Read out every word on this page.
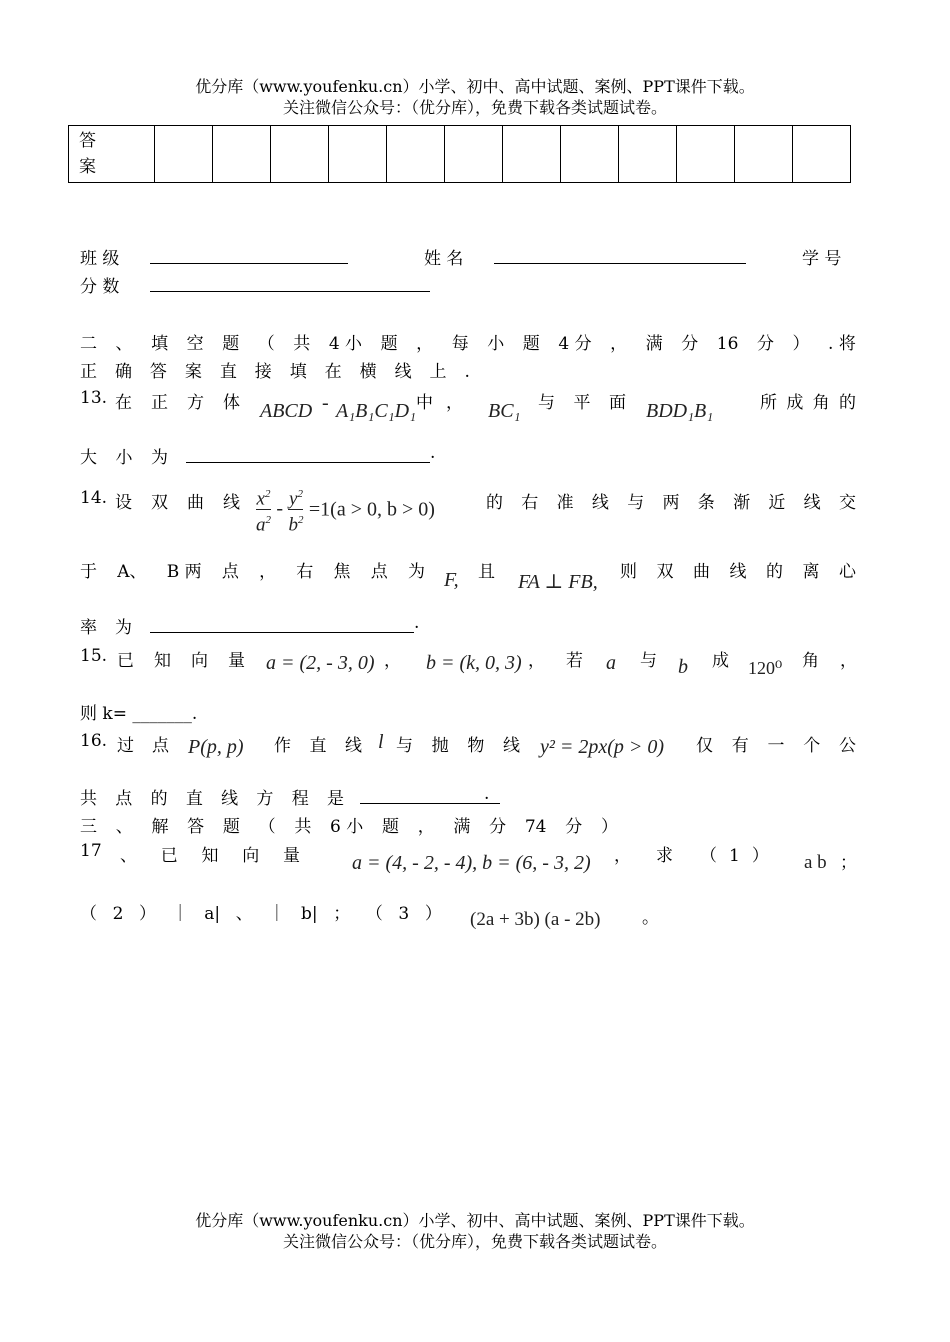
优分库（www.youfenku.cn）小学、初中、高中试题、案例、PPT课件下载。
关注微信公众号：（优分库），免费下载各类试题试卷。
答
案

班 级	姓 名	学 号
分 数
二 、 填 空 题 （ 共 4 小 题 ， 每 小 题 4 分 ， 满 分 16 分 ） . 将
正 确 答 案 直 接 填 在 横 线 上 .
13. 在 正 方 体 ABCD - A₁B₁C₁D₁ 中 ， BC₁ 与 平 面 BDD₁B₁	所 成 角 的
大 小 为	.
14. 设 双 曲 线 $\frac{x^2}{a^2} - \frac{y^2}{b^2} =1(a > 0$, b > 0)	的 右 准 线 与 两 条 渐 近 线 交
于 A、 B 两 点 ， 右 焦 点 为 F, 且 FA ⊥ FB, 则 双 曲 线 的 离 心
率 为	.
15. 已 知 向 量 a = (2, - 3, 0) ， b = (k, 0, 3) ， 若 a 与 b 成 120⁰ 角 ，
则 k= _______.
16. 过 点 P(p, p) 作 直 线 l 与 抛 物 线 y² = 2px(p > 0) 仅 有 一 个 公
共 点 的 直 线 方 程 是	.
三 、 解 答 题 （ 共 6 小 题 ， 满 分 74 分 ）
17 、 已 知 向 量	a = (4, - 2, - 4), b = (6, - 3, 2) ， 求 （1） a b ；
（ 2 ） ｜ a| 、 ｜ b| ； （ 3 ） (2a + 3b) (a - 2b) 。
优分库（www.youfenku.cn）小学、初中、高中试题、案例、PPT课件下载。
关注微信公众号：（优分库），免费下载各类试题试卷。
